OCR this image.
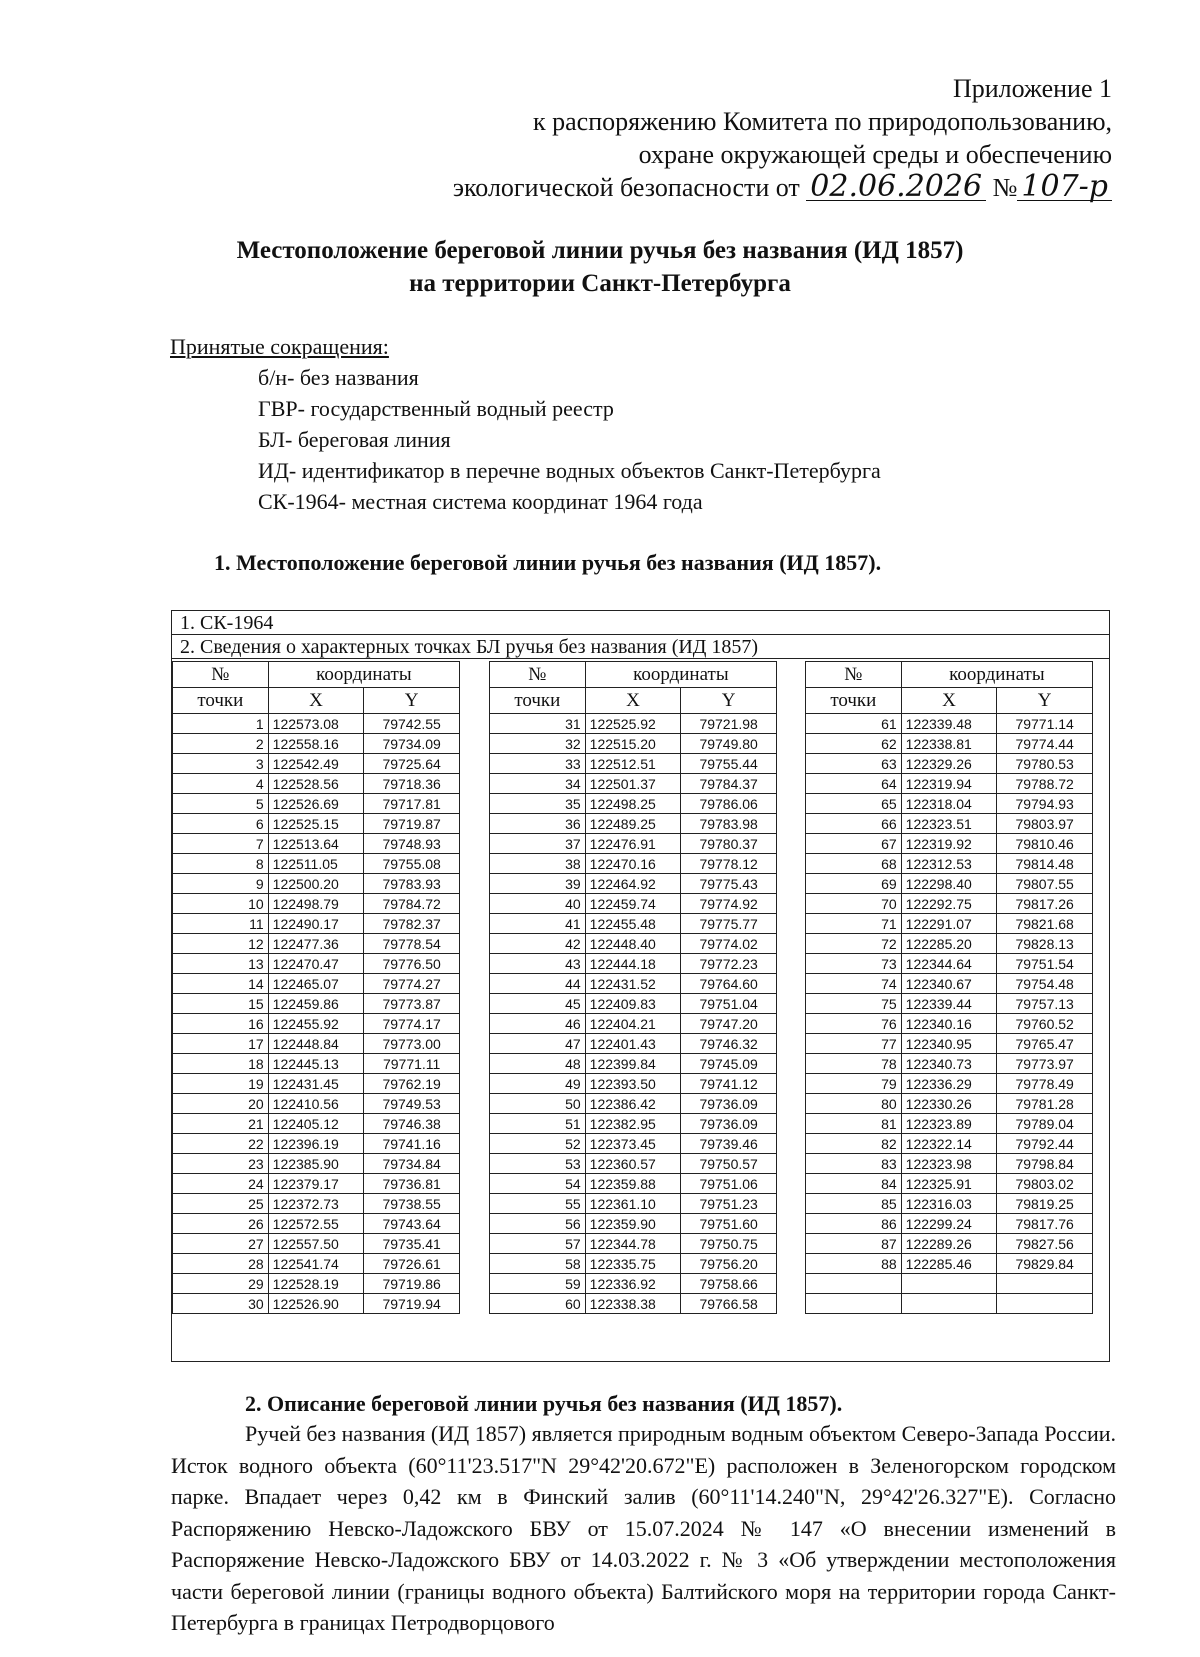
Приложение 1
к распоряжению Комитета по природопользованию,
охране окружающей среды и обеспечению
экологической безопасности от 02.06.2026 № 107-р
Местоположение береговой линии ручья без названия (ИД 1857)
на территории Санкт-Петербурга
Принятые сокращения:
б/н- без названия
ГВР- государственный водный реестр
БЛ- береговая линия
ИД- идентификатор в перечне водных объектов Санкт-Петербурга
СК-1964- местная система координат 1964 года
1. Местоположение береговой линии ручья без названия (ИД 1857).
1. СК-1964
2. Сведения о характерных точках БЛ ручья без названия (ИД 1857)
№	координаты	
точки	X	Y
1	122573.08	79742.55
2	122558.16	79734.09
3	122542.49	79725.64
4	122528.56	79718.36
5	122526.69	79717.81
6	122525.15	79719.87
7	122513.64	79748.93
8	122511.05	79755.08
9	122500.20	79783.93
10	122498.79	79784.72
11	122490.17	79782.37
12	122477.36	79778.54
13	122470.47	79776.50
14	122465.07	79774.27
15	122459.86	79773.87
16	122455.92	79774.17
17	122448.84	79773.00
18	122445.13	79771.11
19	122431.45	79762.19
20	122410.56	79749.53
21	122405.12	79746.38
22	122396.19	79741.16
23	122385.90	79734.84
24	122379.17	79736.81
25	122372.73	79738.55
26	122572.55	79743.64
27	122557.50	79735.41
28	122541.74	79726.61
29	122528.19	79719.86
30	122526.90	79719.94
№	координаты	
точки	X	Y
31	122525.92	79721.98
32	122515.20	79749.80
33	122512.51	79755.44
34	122501.37	79784.37
35	122498.25	79786.06
36	122489.25	79783.98
37	122476.91	79780.37
38	122470.16	79778.12
39	122464.92	79775.43
40	122459.74	79774.92
41	122455.48	79775.77
42	122448.40	79774.02
43	122444.18	79772.23
44	122431.52	79764.60
45	122409.83	79751.04
46	122404.21	79747.20
47	122401.43	79746.32
48	122399.84	79745.09
49	122393.50	79741.12
50	122386.42	79736.09
51	122382.95	79736.09
52	122373.45	79739.46
53	122360.57	79750.57
54	122359.88	79751.06
55	122361.10	79751.23
56	122359.90	79751.60
57	122344.78	79750.75
58	122335.75	79756.20
59	122336.92	79758.66
60	122338.38	79766.58
№	координаты	
точки	X	Y
61	122339.48	79771.14
62	122338.81	79774.44
63	122329.26	79780.53
64	122319.94	79788.72
65	122318.04	79794.93
66	122323.51	79803.97
67	122319.92	79810.46
68	122312.53	79814.48
69	122298.40	79807.55
70	122292.75	79817.26
71	122291.07	79821.68
72	122285.20	79828.13
73	122344.64	79751.54
74	122340.67	79754.48
75	122339.44	79757.13
76	122340.16	79760.52
77	122340.95	79765.47
78	122340.73	79773.97
79	122336.29	79778.49
80	122330.26	79781.28
81	122323.89	79789.04
82	122322.14	79792.44
83	122323.98	79798.84
84	122325.91	79803.02
85	122316.03	79819.25
86	122299.24	79817.76
87	122289.26	79827.56
88	122285.46	79829.84

2. Описание береговой линии ручья без названия (ИД 1857).
Ручей без названия (ИД 1857) является природным водным объектом Северо-Запада России. Исток водного объекта (60°11'23.517"N 29°42'20.672"E) расположен в Зеленогорском городском парке. Впадает через 0,42 км в Финский залив (60°11'14.240"N, 29°42'26.327"E). Согласно Распоряжению Невско-Ладожского БВУ от 15.07.2024 № 147 «О внесении изменений в Распоряжение Невско-Ладожского БВУ от 14.03.2022 г. № 3 «Об утверждении местоположения части береговой линии (границы водного объекта) Балтийского моря на территории города Санкт-Петербурга в границах Петродворцового
